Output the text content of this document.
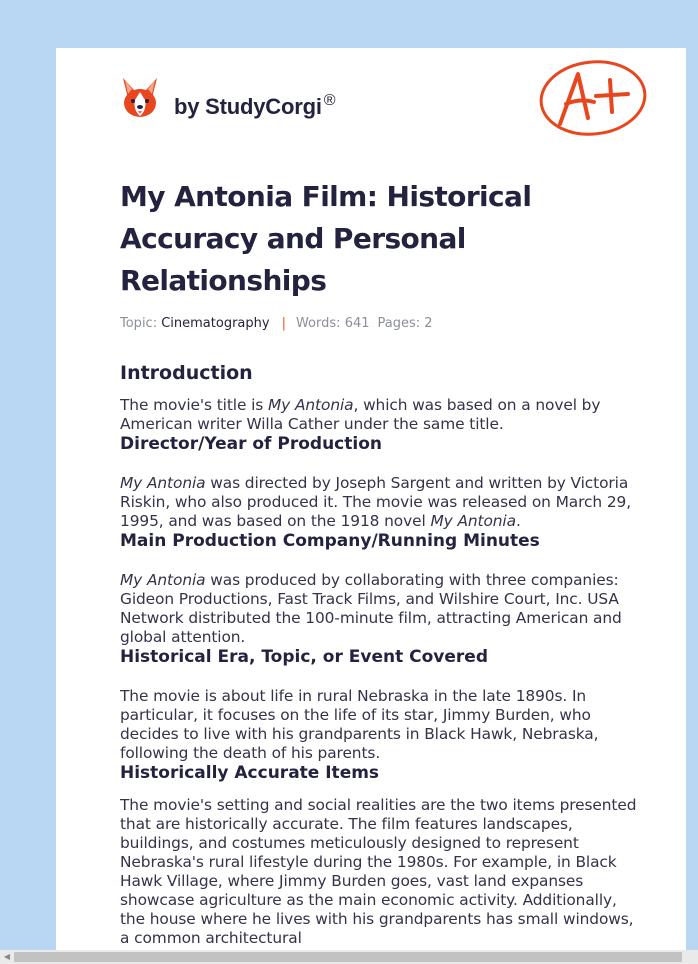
by StudyCorgi ®
My Antonia Film: Historical Accuracy and Personal Relationships
Topic: Cinematography | Words: 641 Pages: 2
Introduction

The movie's title is My Antonia, which was based on a novel by American writer Willa Cather under the same title.

Director/Year of Production

My Antonia was directed by Joseph Sargent and written by Victoria Riskin, who also produced it. The movie was released on March 29, 1995, and was based on the 1918 novel My Antonia.

Main Production Company/Running Minutes

My Antonia was produced by collaborating with three companies: Gideon Productions, Fast Track Films, and Wilshire Court, Inc. USA Network distributed the 100-minute film, attracting American and global attention.

Historical Era, Topic, or Event Covered

The movie is about life in rural Nebraska in the late 1890s. In particular, it focuses on the life of its star, Jimmy Burden, who decides to live with his grandparents in Black Hawk, Nebraska, following the death of his parents.

Historically Accurate Items

The movie's setting and social realities are the two items presented that are historically accurate. The film features landscapes, buildings, and costumes meticulously designed to represent Nebraska's rural lifestyle during the 1980s. For example, in Black Hawk Village, where Jimmy Burden goes, vast land expanses showcase agriculture as the main economic activity. Additionally, the house where he lives with his grandparents has small windows, a common architectural

◀
